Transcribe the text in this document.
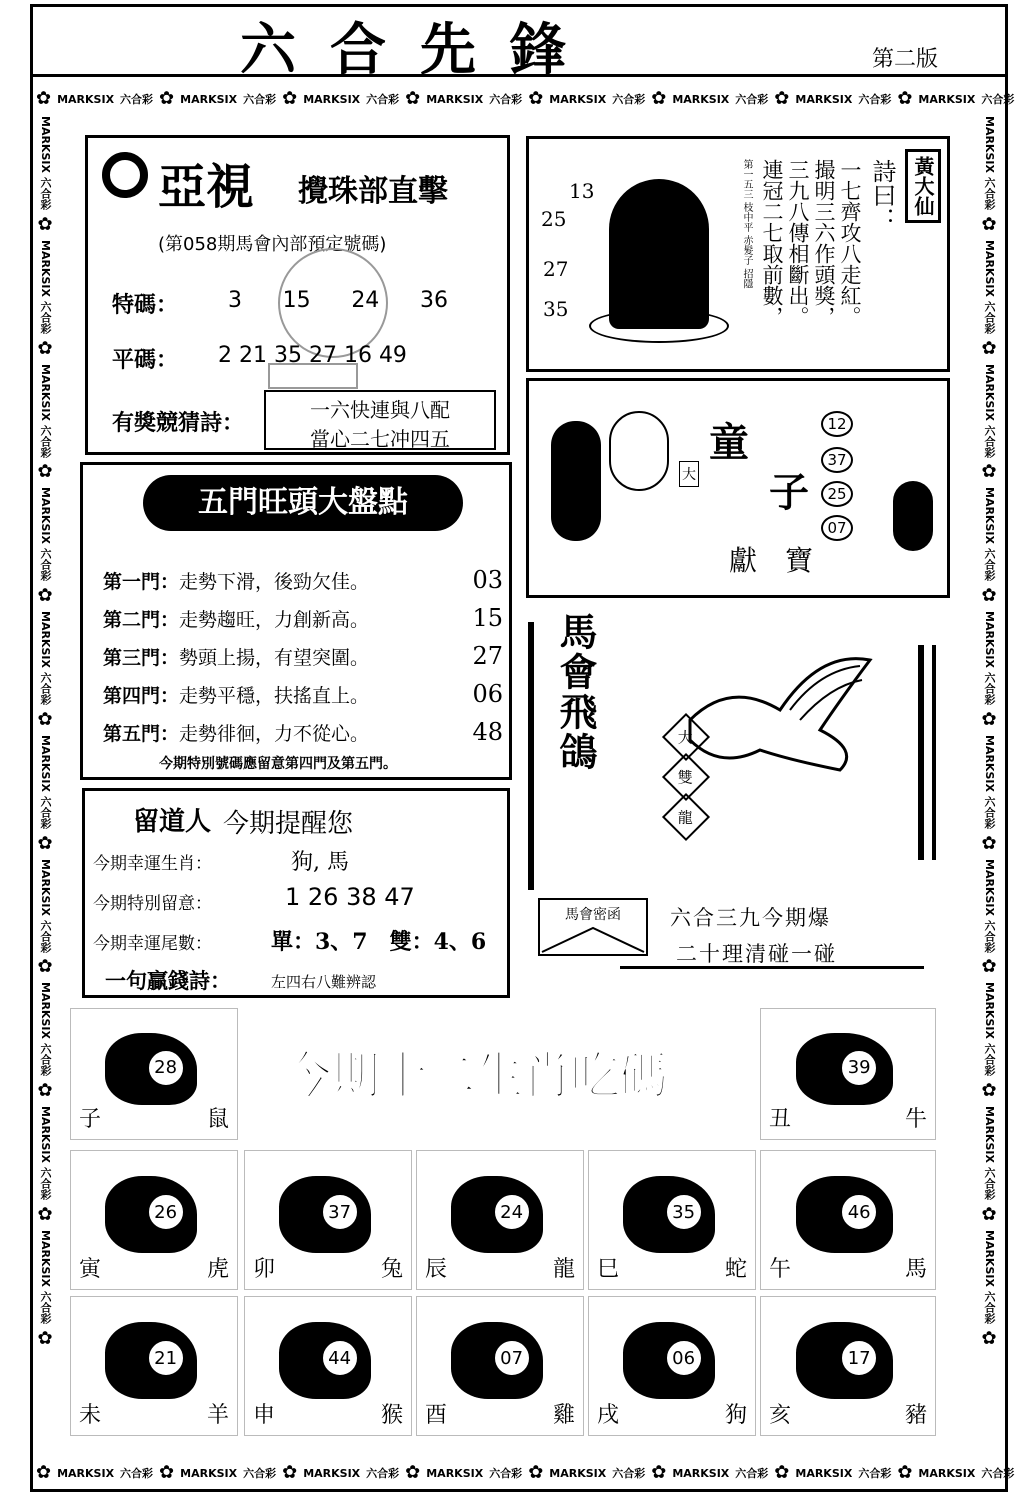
六合先鋒	第二版
✿ MARKSIX 六合彩 ✿ MARKSIX 六合彩 ✿ MARKSIX 六合彩 ✿ MARKSIX 六合彩 ✿ MARKSIX 六合彩 ✿ MARKSIX 六合彩 ✿ MARKSIX 六合彩 ✿ MARKSIX 六合彩
✿ MARKSIX 六合彩 ✿ MARKSIX 六合彩 ✿ MARKSIX 六合彩 ✿ MARKSIX 六合彩 ✿ MARKSIX 六合彩 ✿ MARKSIX 六合彩 ✿ MARKSIX 六合彩 ✿ MARKSIX 六合彩
MARKSIX 六合彩
✿
MARKSIX 六合彩
✿
MARKSIX 六合彩
✿
MARKSIX 六合彩
✿
MARKSIX 六合彩
✿
MARKSIX 六合彩
✿
MARKSIX 六合彩
✿
MARKSIX 六合彩
✿
MARKSIX 六合彩
✿
MARKSIX 六合彩
✿
MARKSIX 六合彩
✿
MARKSIX 六合彩
✿
MARKSIX 六合彩
✿
MARKSIX 六合彩
✿
MARKSIX 六合彩
✿
MARKSIX 六合彩
✿
MARKSIX 六合彩
✿
MARKSIX 六合彩
✿
MARKSIX 六合彩
✿
MARKSIX 六合彩
✿
亞視 攪珠部直擊
(第058期馬會內部預定號碼)
特碼： 3 15 24 36
平碼： 2 21 35 27 16 49
有獎競猜詩：	一六快連與八配
當心二七冲四五
13
25
27
35
第一五三 枝中平 赤髮子 招隱 連冠二七取前數， 三九八傳相斷出。 撮明三六作頭獎， 一七齊攻八走紅。 詩曰： 黃大仙
大
童
子
獻　寶
12
37
25
07
五門旺頭大盤點
第一門： 走勢下滑，後勁欠佳。	03
第二門： 走勢趨旺，力創新高。	15
第三門： 勢頭上揚，有望突圍。	27
第四門： 走勢平穩，扶搖直上。	06
第五門： 走勢徘徊，力不從心。	48
今期特別號碼應留意第四門及第五門。
留道人 今期提醒您
今期幸運生肖：	狗, 馬
今期特別留意：	1 26 38 47
今期幸運尾數：	單：3、7　雙：4、6
一句贏錢詩：	左四右八難辨認
馬會飛鴿	大
雙
龍
馬會密函	六合三九今期爆
二十理清碰一碰
今期十二生肖吃碼
28
子	鼠
39
丑	牛
26
寅	虎
37
卯	兔
24
辰	龍
35
巳	蛇
46
午	馬
21
未	羊
44
申	猴
07
酉	雞
06
戌	狗
17
亥	豬
